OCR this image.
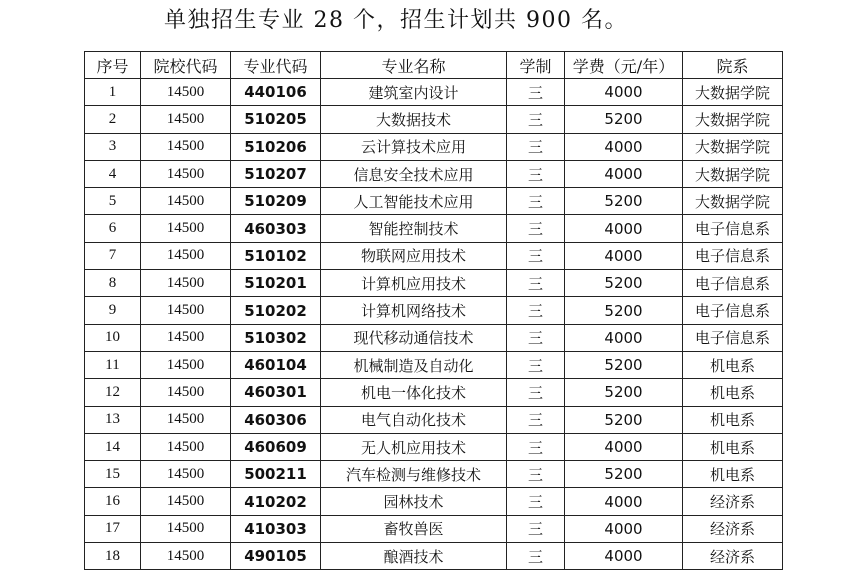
单独招生专业 28 个，招生计划共 900 名。
序号	院校代码	专业代码	专业名称	学制	学费（元/年）	院系
1	14500	440106	建筑室内设计	三	4000	大数据学院
2	14500	510205	大数据技术	三	5200	大数据学院
3	14500	510206	云计算技术应用	三	4000	大数据学院
4	14500	510207	信息安全技术应用	三	4000	大数据学院
5	14500	510209	人工智能技术应用	三	5200	大数据学院
6	14500	460303	智能控制技术	三	4000	电子信息系
7	14500	510102	物联网应用技术	三	4000	电子信息系
8	14500	510201	计算机应用技术	三	5200	电子信息系
9	14500	510202	计算机网络技术	三	5200	电子信息系
10	14500	510302	现代移动通信技术	三	4000	电子信息系
11	14500	460104	机械制造及自动化	三	5200	机电系
12	14500	460301	机电一体化技术	三	5200	机电系
13	14500	460306	电气自动化技术	三	5200	机电系
14	14500	460609	无人机应用技术	三	4000	机电系
15	14500	500211	汽车检测与维修技术	三	5200	机电系
16	14500	410202	园林技术	三	4000	经济系
17	14500	410303	畜牧兽医	三	4000	经济系
18	14500	490105	酿酒技术	三	4000	经济系
